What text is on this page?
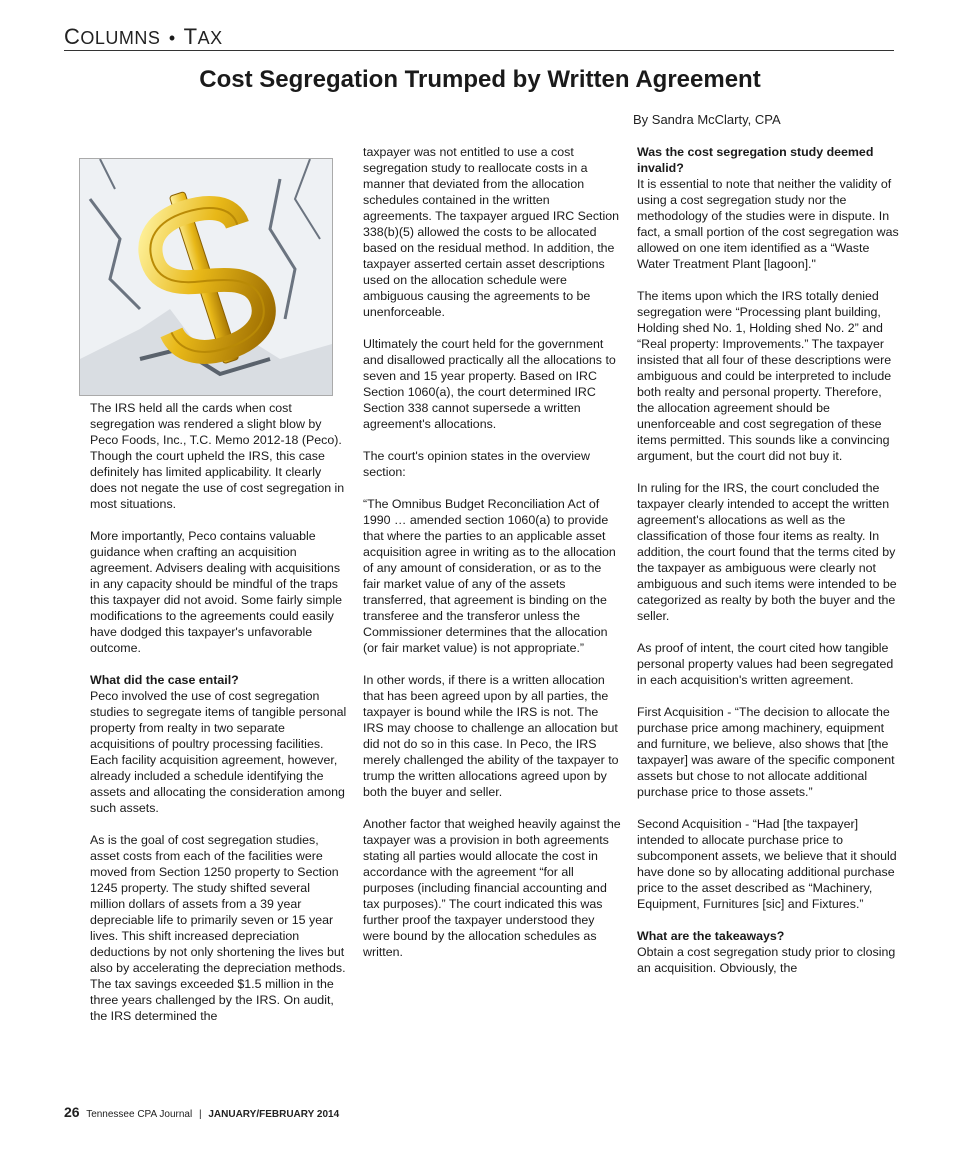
COLUMNS • TAX
Cost Segregation Trumped by Written Agreement
By Sandra McClarty, CPA

The IRS held all the cards when cost segregation was rendered a slight blow by Peco Foods, Inc., T.C. Memo 2012-18 (Peco). Though the court upheld the IRS, this case definitely has limited applicability. It clearly does not negate the use of cost segregation in most situations.

More importantly, Peco contains valuable guidance when crafting an acquisition agreement. Advisers dealing with acquisitions in any capacity should be mindful of the traps this taxpayer did not avoid. Some fairly simple modifications to the agreements could easily have dodged this taxpayer's unfavorable outcome.

What did the case entail?

Peco involved the use of cost segregation studies to segregate items of tangible personal property from realty in two separate acquisitions of poultry processing facilities. Each facility acquisition agreement, however, already included a schedule identifying the assets and allocating the consideration among such assets.

As is the goal of cost segregation studies, asset costs from each of the facilities were moved from Section 1250 property to Section 1245 property. The study shifted several million dollars of assets from a 39 year depreciable life to primarily seven or 15 year lives. This shift increased depreciation deductions by not only shortening the lives but also by accelerating the depreciation methods. The tax savings exceeded $1.5 million in the three years challenged by the IRS. On audit, the IRS determined the

taxpayer was not entitled to use a cost segregation study to reallocate costs in a manner that deviated from the allocation schedules contained in the written agreements. The taxpayer argued IRC Section 338(b)(5) allowed the costs to be allocated based on the residual method. In addition, the taxpayer asserted certain asset descriptions used on the allocation schedule were ambiguous causing the agreements to be unenforceable.

Ultimately the court held for the government and disallowed practically all the allocations to seven and 15 year property. Based on IRC Section 1060(a), the court determined IRC Section 338 cannot supersede a written agreement's allocations.

The court's opinion states in the overview section:

“The Omnibus Budget Reconciliation Act of 1990 … amended section 1060(a) to provide that where the parties to an applicable asset acquisition agree in writing as to the allocation of any amount of consideration, or as to the fair market value of any of the assets transferred, that agreement is binding on the transferee and the transferor unless the Commissioner determines that the allocation (or fair market value) is not appropriate.”

In other words, if there is a written allocation that has been agreed upon by all parties, the taxpayer is bound while the IRS is not. The IRS may choose to challenge an allocation but did not do so in this case. In Peco, the IRS merely challenged the ability of the taxpayer to trump the written allocations agreed upon by both the buyer and seller.

Another factor that weighed heavily against the taxpayer was a provision in both agreements stating all parties would allocate the cost in accordance with the agreement “for all purposes (including financial accounting and tax purposes).” The court indicated this was further proof the taxpayer understood they were bound by the allocation schedules as written.

Was the cost segregation study deemed invalid?

It is essential to note that neither the validity of using a cost segregation study nor the methodology of the studies were in dispute. In fact, a small portion of the cost segregation was allowed on one item identified as a “Waste Water Treatment Plant [lagoon]."

The items upon which the IRS totally denied segregation were “Processing plant building, Holding shed No. 1, Holding shed No. 2” and “Real property: Improvements.” The taxpayer insisted that all four of these descriptions were ambiguous and could be interpreted to include both realty and personal property. Therefore, the allocation agreement should be unenforceable and cost segregation of these items permitted. This sounds like a convincing argument, but the court did not buy it.

In ruling for the IRS, the court concluded the taxpayer clearly intended to accept the written agreement's allocations as well as the classification of those four items as realty. In addition, the court found that the terms cited by the taxpayer as ambiguous were clearly not ambiguous and such items were intended to be categorized as realty by both the buyer and the seller.

As proof of intent, the court cited how tangible personal property values had been segregated in each acquisition's written agreement.

First Acquisition - “The decision to allocate the purchase price among machinery, equipment and furniture, we believe, also shows that [the taxpayer] was aware of the specific component assets but chose to not allocate additional purchase price to those assets.”

Second Acquisition - “Had [the taxpayer] intended to allocate purchase price to subcomponent assets, we believe that it should have done so by allocating additional purchase price to the asset described as “Machinery, Equipment, Furnitures [sic] and Fixtures.”

What are the takeaways?

Obtain a cost segregation study prior to closing an acquisition. Obviously, the

26 Tennessee CPA Journal | JANUARY/FEBRUARY 2014
